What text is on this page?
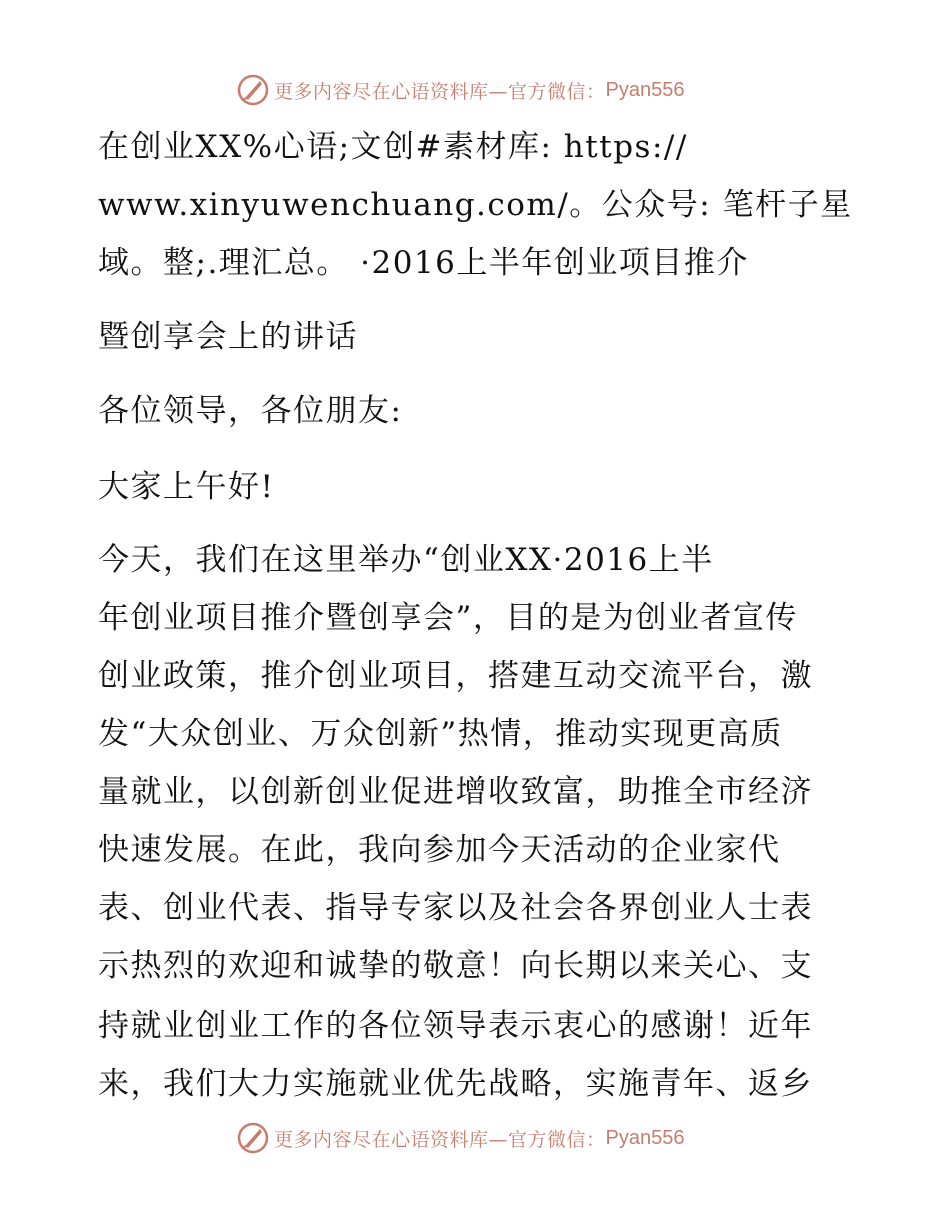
更多内容尽在心语资料库—官方微信： Pyan556
在创业XX%心语;文创#素材库: https://
www.xinyuwenchuang.com/。公众号: 笔杆子星
域。整;.理汇总。 ·2016上半年创业项目推介
暨创享会上的讲话
各位领导，各位朋友:
大家上午好!
今天，我们在这里举办“创业XX·2016上半
年创业项目推介暨创享会”，目的是为创业者宣传
创业政策，推介创业项目，搭建互动交流平台，激
发“大众创业、万众创新”热情，推动实现更高质
量就业，以创新创业促进增收致富，助推全市经济
快速发展。在此，我向参加今天活动的企业家代
表、创业代表、指导专家以及社会各界创业人士表
示热烈的欢迎和诚挚的敬意！向长期以来关心、支
持就业创业工作的各位领导表示衷心的感谢！近年
来，我们大力实施就业优先战略，实施青年、返乡
更多内容尽在心语资料库—官方微信： Pyan556
